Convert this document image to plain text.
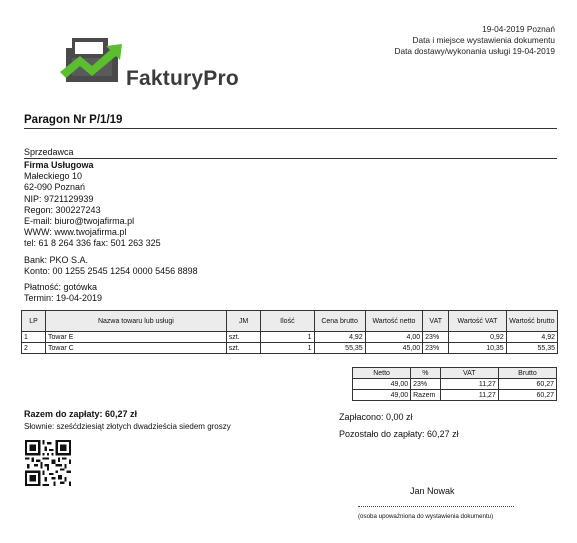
19-04-2019 Poznań
Data i miejsce wystawienia dokumentu
Data dostawy/wykonania usługi 19-04-2019
FakturyPro
Paragon Nr P/1/19
Sprzedawca
Firma Usługowa
Małeckiego 10
62-090 Poznań
NIP: 9721129939
Regon: 300227243
E-mail: biuro@twojafirma.pl
WWW: www.twojafirma.pl
tel: 61 8 264 336 fax: 501 263 325
Bank: PKO S.A.
Konto: 00 1255 2545 1254 0000 5456 8898
Płatność: gotówka
Termin: 19-04-2019
LP	Nazwa towaru lub usługi	JM	Ilość	Cena brutto	Wartość netto	VAT	Wartość VAT	Wartość brutto
1	Towar E	szt.	1	4,92	4,00	23%	0,92	4,92
2	Towar C	szt.	1	55,35	45,00	23%	10,35	55,35
Netto	%	VAT	Brutto
49,00	23%	11,27	60,27
49,00	Razem	11,27	60,27
Razem do zapłaty: 60,27 zł
Słownie: sześćdziesiąt złotych dwadzieścia siedem groszy
Zapłacono: 0,00 zł
Pozostało do zapłaty: 60,27 zł
Jan Nowak
(osoba upoważniona do wystawienia dokumentu)
